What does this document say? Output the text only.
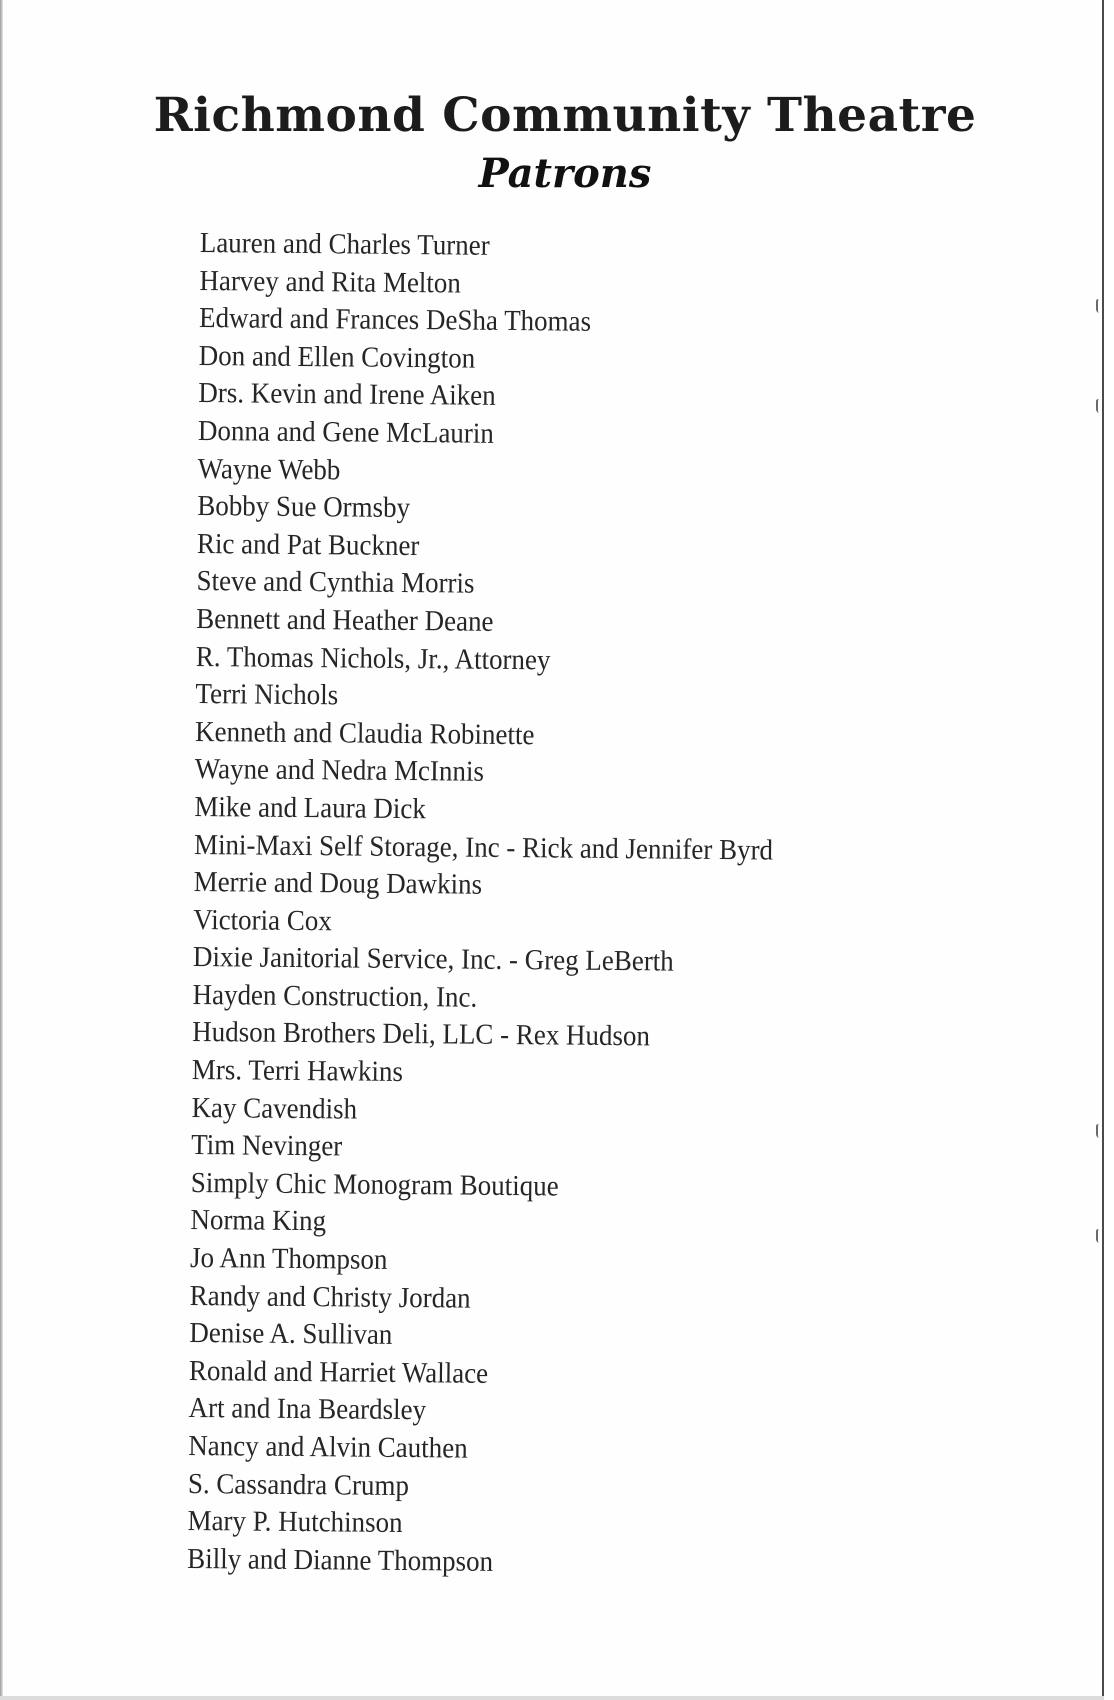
Richmond Community Theatre
Patrons
Lauren and Charles Turner
Harvey and Rita Melton
Edward and Frances DeSha Thomas
Don and Ellen Covington
Drs. Kevin and Irene Aiken
Donna and Gene McLaurin
Wayne Webb
Bobby Sue Ormsby
Ric and Pat Buckner
Steve and Cynthia Morris
Bennett and Heather Deane
R. Thomas Nichols, Jr., Attorney
Terri Nichols
Kenneth and Claudia Robinette
Wayne and Nedra McInnis
Mike and Laura Dick
Mini-Maxi Self Storage, Inc - Rick and Jennifer Byrd
Merrie and Doug Dawkins
Victoria Cox
Dixie Janitorial Service, Inc. - Greg LeBerth
Hayden Construction, Inc.
Hudson Brothers Deli, LLC - Rex Hudson
Mrs. Terri Hawkins
Kay Cavendish
Tim Nevinger
Simply Chic Monogram Boutique
Norma King
Jo Ann Thompson
Randy and Christy Jordan
Denise A. Sullivan
Ronald and Harriet Wallace
Art and Ina Beardsley
Nancy and Alvin Cauthen
S. Cassandra Crump
Mary P. Hutchinson
Billy and Dianne Thompson
